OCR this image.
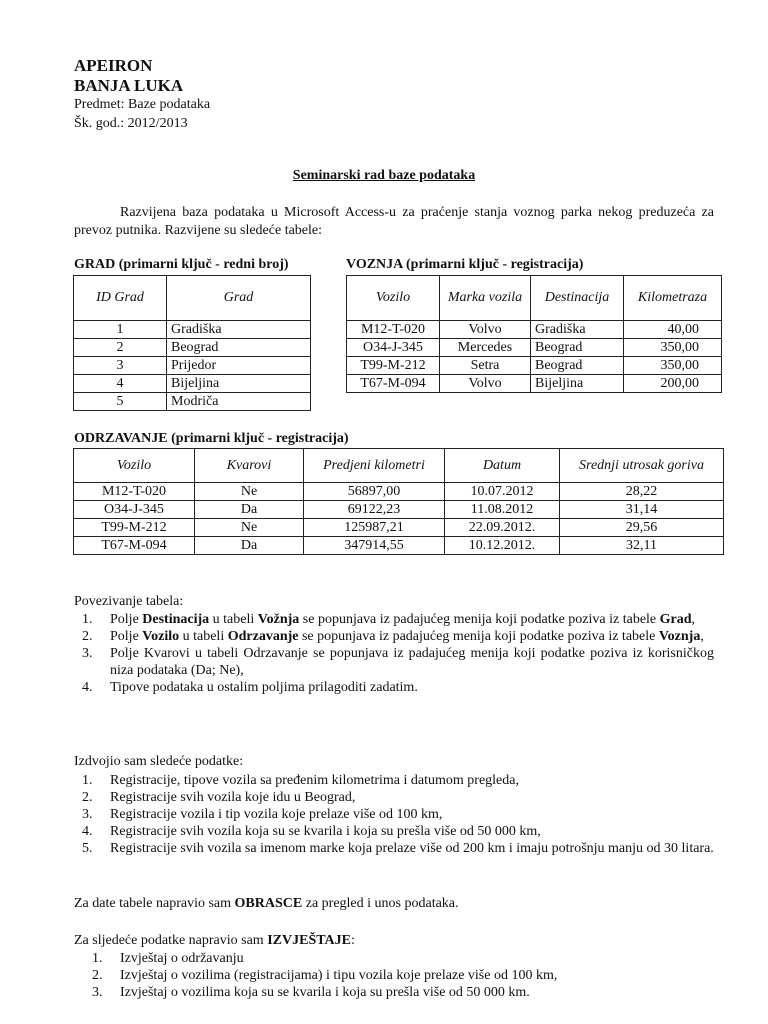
APEIRON
BANJA LUKA
Predmet: Baze podataka
Šk. god.: 2012/2013
Seminarski rad baze podataka

Razvijena baza podataka u Microsoft Access-u za praćenje stanja voznog parka nekog preduzeća za prevoz putnika. Razvijene su sledeće tabele:

GRAD (primarni ključ - redni broj)
ID Grad	Grad
1	Gradiška
2	Beograd
3	Prijedor
4	Bijeljina
5	Modriča
VOZNJA (primarni ključ - registracija)
Vozilo	Marka vozila	Destinacija	Kilometraza
M12-T-020	Volvo	Gradiška	40,00
O34-J-345	Mercedes	Beograd	350,00
T99-M-212	Setra	Beograd	350,00
T67-M-094	Volvo	Bijeljina	200,00
ODRZAVANJE (primarni ključ - registracija)
Vozilo	Kvarovi	Predjeni kilometri	Datum	Srednji utrosak goriva
M12-T-020	Ne	56897,00	10.07.2012	28,22
O34-J-345	Da	69122,23	11.08.2012	31,14
T99-M-212	Ne	125987,21	22.09.2012.	29,56
T67-M-094	Da	347914,55	10.12.2012.	32,11
Povezivanje tabela:
1. Polje Destinacija u tabeli Vožnja se popunjava iz padajućeg menija koji podatke poziva iz tabele Grad,
2. Polje Vozilo u tabeli Odrzavanje se popunjava iz padajućeg menija koji podatke poziva iz tabele Voznja,
3. Polje Kvarovi u tabeli Odrzavanje se popunjava iz padajućeg menija koji podatke poziva iz korisničkog niza podataka (Da; Ne),
4. Tipove podataka u ostalim poljima prilagoditi zadatim.
Izdvojio sam sledeće podatke:
1. Registracije, tipove vozila sa pređenim kilometrima i datumom pregleda,
2. Registracije svih vozila koje idu u Beograd,
3. Registracije vozila i tip vozila koje prelaze više od 100 km,
4. Registracije svih vozila koja su se kvarila i koja su prešla više od 50 000 km,
5. Registracije svih vozila sa imenom marke koja prelaze više od 200 km i imaju potrošnju manju od 30 litara.
Za date tabele napravio sam OBRASCE za pregled i unos podataka.
Za sljedeće podatke napravio sam IZVJEŠTAJE:
1. Izvještaj o održavanju
2. Izvještaj o vozilima (registracijama) i tipu vozila koje prelaze više od 100 km,
3. Izvještaj o vozilima koja su se kvarila i koja su prešla više od 50 000 km.
